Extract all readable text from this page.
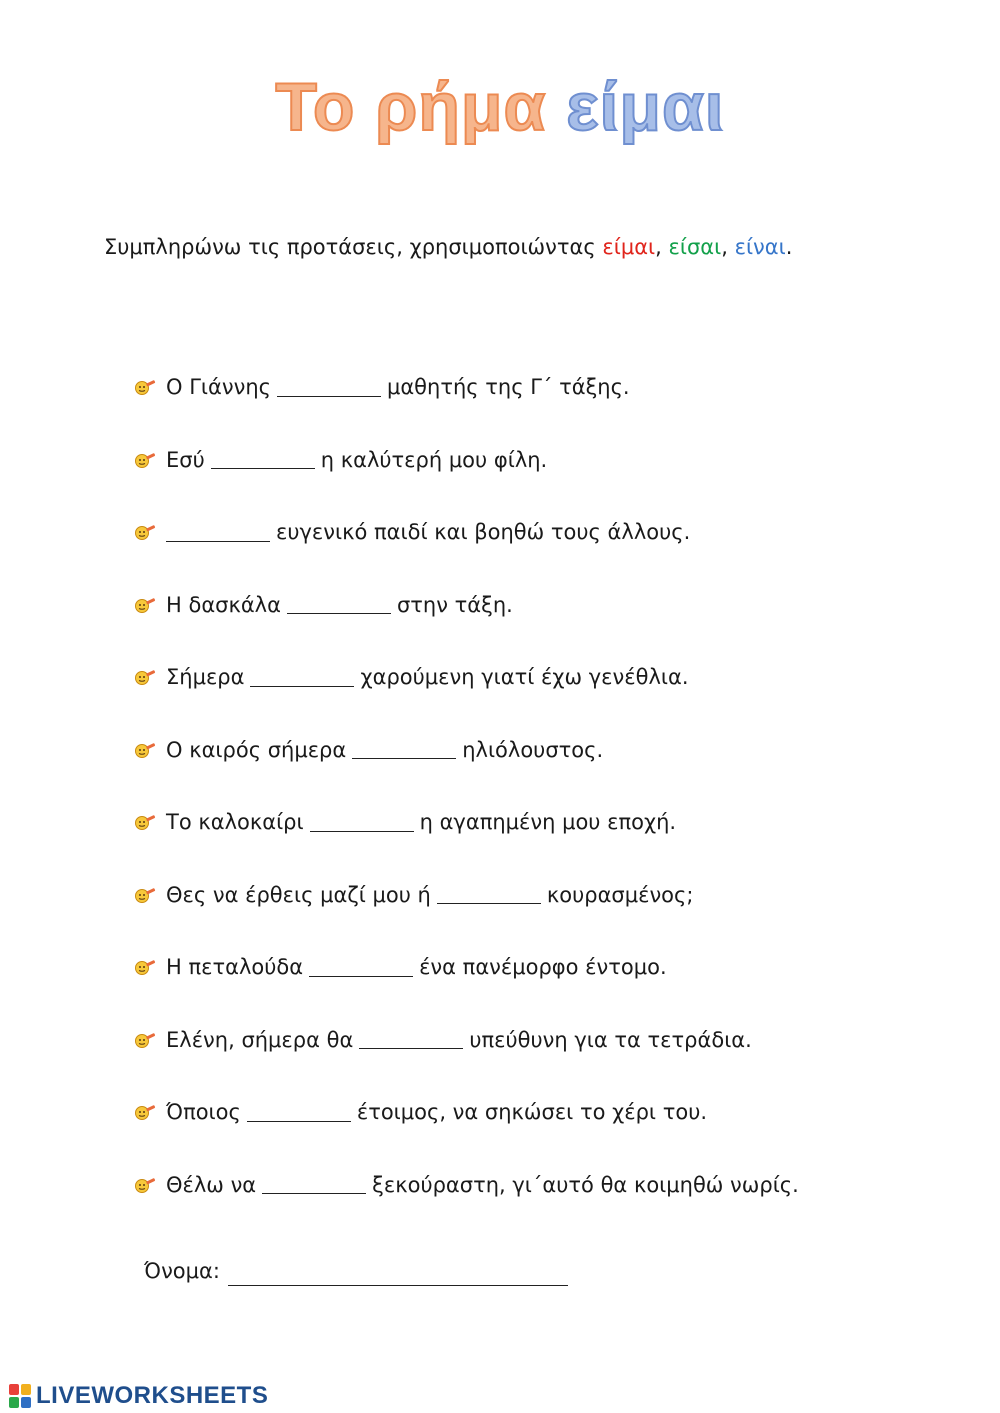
Το ρήμα είμαι
Συμπληρώνω τις προτάσεις, χρησιμοποιώντας είμαι, είσαι, είναι.
Ο Γιάννης	μαθητής της Γ΄ τάξης.
Εσύ	η καλύτερή μου φίλη.
ευγενικό παιδί και βοηθώ τους άλλους.
Η δασκάλα	στην τάξη.
Σήμερα	χαρούμενη γιατί έχω γενέθλια.
Ο καιρός σήμερα	ηλιόλουστος.
Το καλοκαίρι	η αγαπημένη μου εποχή.
Θες να έρθεις μαζί μου ή	κουρασμένος;
Η πεταλούδα	ένα πανέμορφο έντομο.
Ελένη, σήμερα θα	υπεύθυνη για τα τετράδια.
Όποιος	έτοιμος, να σηκώσει το χέρι του.
Θέλω να	ξεκούραστη, γι΄αυτό θα κοιμηθώ νωρίς.
Όνομα:
LIVEWORKSHEETS
